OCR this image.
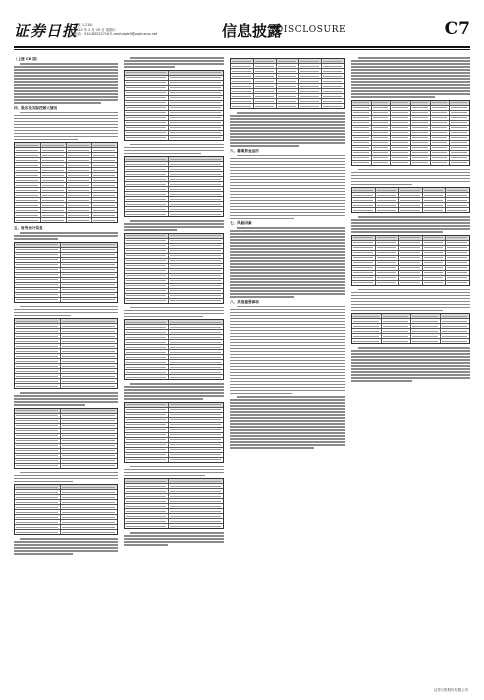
证券日报
邮发 1-216
2022 年 2 月 19 日 星期六
电话：010-83251716 E-mail:zqrb9@zqrb.sina.net	信息披露
DISCLOSURE	C7
（上接 C6 版）
四、股东及实际控制人情况
五、财务会计信息
六、募集资金运用
七、风险因素
八、其他重要事项
证券日报股份有限公司
